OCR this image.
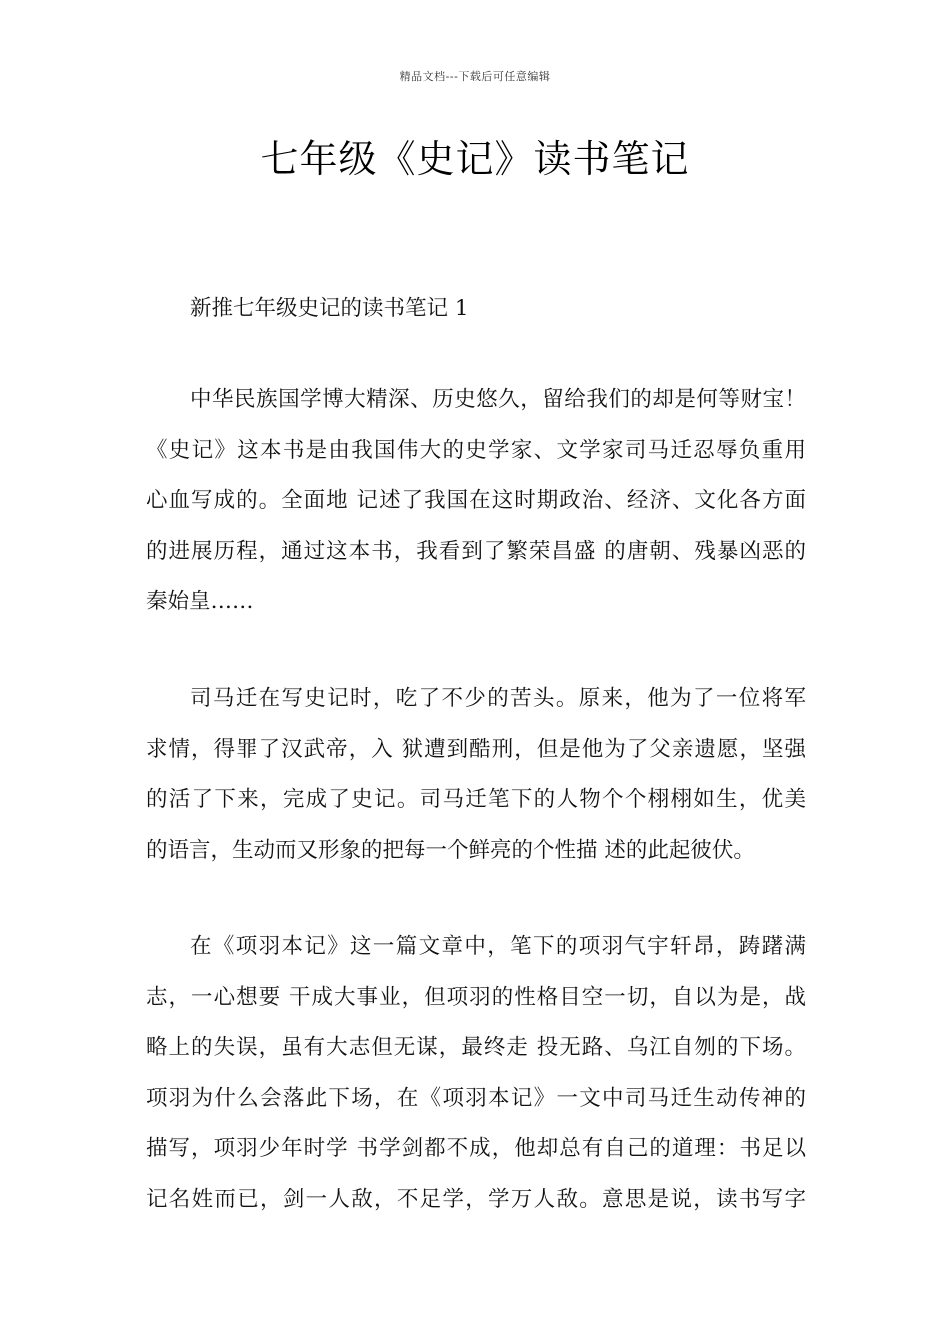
精品文档---下载后可任意编辑
七年级《史记》读书笔记
新推七年级史记的读书笔记 1
中华民族国学博大精深、历史悠久，留给我们的却是何等财宝！
《史记》这本书是由我国伟大的史学家、文学家司马迁忍辱负重用
心血写成的。全面地 记述了我国在这时期政治、经济、文化各方面
的进展历程，通过这本书，我看到了繁荣昌盛 的唐朝、残暴凶恶的
秦始皇……
司马迁在写史记时，吃了不少的苦头。原来，他为了一位将军
求情，得罪了汉武帝，入 狱遭到酷刑，但是他为了父亲遗愿，坚强
的活了下来，完成了史记。司马迁笔下的人物个个栩栩如生，优美
的语言，生动而又形象的把每一个鲜亮的个性描 述的此起彼伏。
在《项羽本记》这一篇文章中，笔下的项羽气宇轩昂，踌躇满
志，一心想要 干成大事业，但项羽的性格目空一切，自以为是，战
略上的失误，虽有大志但无谋，最终走 投无路、乌江自刎的下场。
项羽为什么会落此下场，在《项羽本记》一文中司马迁生动传神的
描写，项羽少年时学 书学剑都不成，他却总有自己的道理：书足以
记名姓而已，剑一人敌，不足学，学万人敌。意思是说，读书写字
